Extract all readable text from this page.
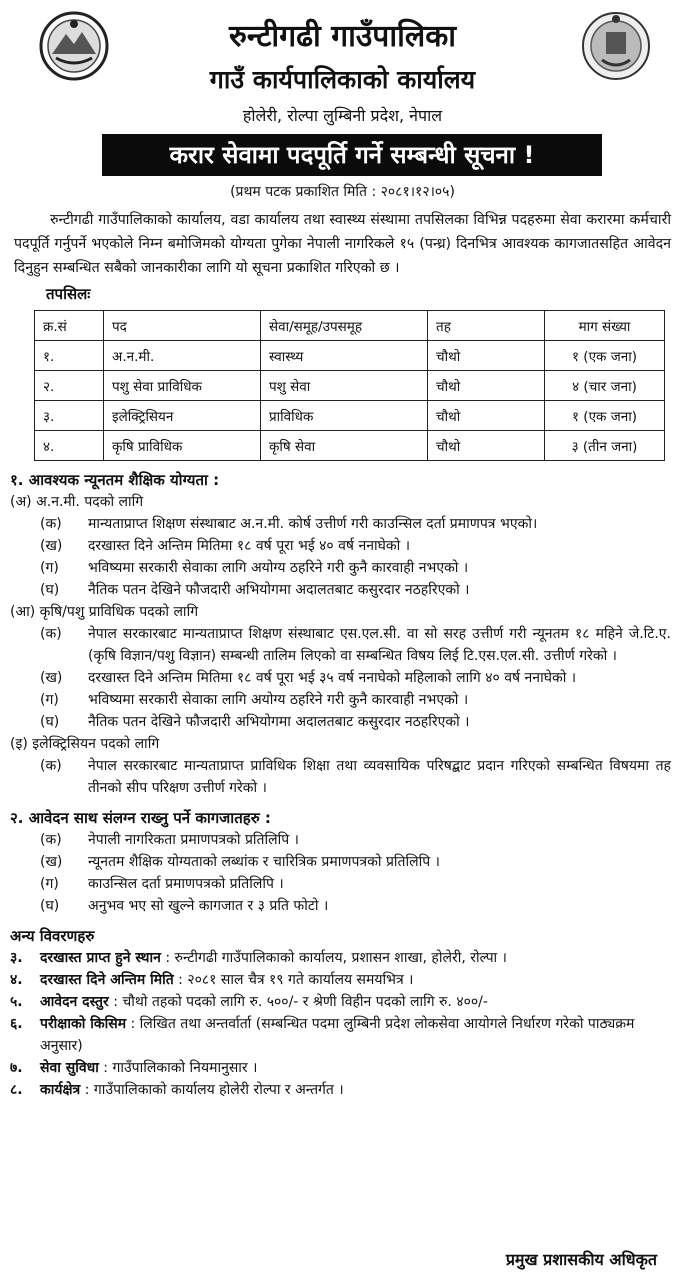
रुन्टीगढी गाउँपालिका
गाउँ कार्यपालिकाको कार्यालय
होलेरी, रोल्पा लुम्बिनी प्रदेश, नेपाल
करार सेवामा पदपूर्ति गर्ने सम्बन्धी सूचना !
(प्रथम पटक प्रकाशित मिति : २०८१।१२।०५)
रुन्टीगढी गाउँपालिकाको कार्यालय, वडा कार्यालय तथा स्वास्थ्य संस्थामा तपसिलका विभिन्न पदहरुमा सेवा करारमा कर्मचारी पदपूर्ति गर्नुपर्ने भएकोले निम्न बमोजिमको योग्यता पुगेका नेपाली नागरिकले १५ (पन्ध्र) दिनभित्र आवश्यक कागजातसहित आवेदन दिनुहुन सम्बन्धित सबैको जानकारीका लागि यो सूचना प्रकाशित गरिएको छ ।
तपसिलः
क्र.सं	पद	सेवा/समूह/उपसमूह	तह	माग संख्या
१.	अ.न.मी.	स्वास्थ्य	चौथो	१ (एक जना)
२.	पशु सेवा प्राविधिक	पशु सेवा	चौथो	४ (चार जना)
३.	इलेक्ट्रिसियन	प्राविधिक	चौथो	१ (एक जना)
४.	कृषि प्राविधिक	कृषि सेवा	चौथो	३ (तीन जना)
१. आवश्यक न्यूनतम शैक्षिक योग्यता :
(अ) अ.न.मी. पदको लागि
(क)	मान्यताप्राप्त शिक्षण संस्थाबाट अ.न.मी. कोर्ष उत्तीर्ण गरी काउन्सिल दर्ता प्रमाणपत्र भएको।
(ख)	दरखास्त दिने अन्तिम मितिमा १८ वर्ष पूरा भई ४० वर्ष ननाघेको ।
(ग)	भविष्यमा सरकारी सेवाका लागि अयोग्य ठहरिने गरी कुनै कारवाही नभएको ।
(घ)	नैतिक पतन देखिने फौजदारी अभियोगमा अदालतबाट कसुरदार नठहरिएको ।
(आ) कृषि/पशु प्राविधिक पदको लागि
(क)	नेपाल सरकारबाट मान्यताप्राप्त शिक्षण संस्थाबाट एस.एल.सी. वा सो सरह उत्तीर्ण गरी न्यूनतम १८ महिने जे.टि.ए. (कृषि विज्ञान/पशु विज्ञान) सम्बन्धी तालिम लिएको वा सम्बन्धित विषय लिई टि.एस.एल.सी. उत्तीर्ण गरेको ।
(ख)	दरखास्त दिने अन्तिम मितिमा १८ वर्ष पूरा भई ३५ वर्ष ननाघेको महिलाको लागि ४० वर्ष ननाघेको ।
(ग)	भविष्यमा सरकारी सेवाका लागि अयोग्य ठहरिने गरी कुनै कारवाही नभएको ।
(घ)	नैतिक पतन देखिने फौजदारी अभियोगमा अदालतबाट कसुरदार नठहरिएको ।
(इ) इलेक्ट्रिसियन पदको लागि
(क)	नेपाल सरकारबाट मान्यताप्राप्त प्राविधिक शिक्षा तथा व्यवसायिक परिषद्बाट प्रदान गरिएको सम्बन्धित विषयमा तह तीनको सीप परिक्षण उत्तीर्ण गरेको ।
२. आवेदन साथ संलग्न राख्नु पर्ने कागजातहरु :
(क)	नेपाली नागरिकता प्रमाणपत्रको प्रतिलिपि ।
(ख)	न्यूनतम शैक्षिक योग्यताको लब्धांक र चारित्रिक प्रमाणपत्रको प्रतिलिपि ।
(ग)	काउन्सिल दर्ता प्रमाणपत्रको प्रतिलिपि ।
(घ)	अनुभव भए सो खुल्ने कागजात र ३ प्रति फोटो ।
अन्य विवरणहरु
३.	दरखास्त प्राप्त हुने स्थान : रुन्टीगढी गाउँपालिकाको कार्यालय, प्रशासन शाखा, होलेरी, रोल्पा ।
४.	दरखास्त दिने अन्तिम मिति : २०८१ साल चैत्र १९ गते कार्यालय समयभित्र ।
५.	आवेदन दस्तुर : चौथो तहको पदको लागि रु. ५००/- र श्रेणी विहीन पदको लागि रु. ४००/-
६.	परीक्षाको किसिम : लिखित तथा अन्तर्वार्ता (सम्बन्धित पदमा लुम्बिनी प्रदेश लोकसेवा आयोगले निर्धारण गरेको पाठ्यक्रम अनुसार)
७.	सेवा सुविधा : गाउँपालिकाको नियमानुसार ।
८.	कार्यक्षेत्र : गाउँपालिकाको कार्यालय होलेरी रोल्पा र अन्तर्गत ।
प्रमुख प्रशासकीय अधिकृत
